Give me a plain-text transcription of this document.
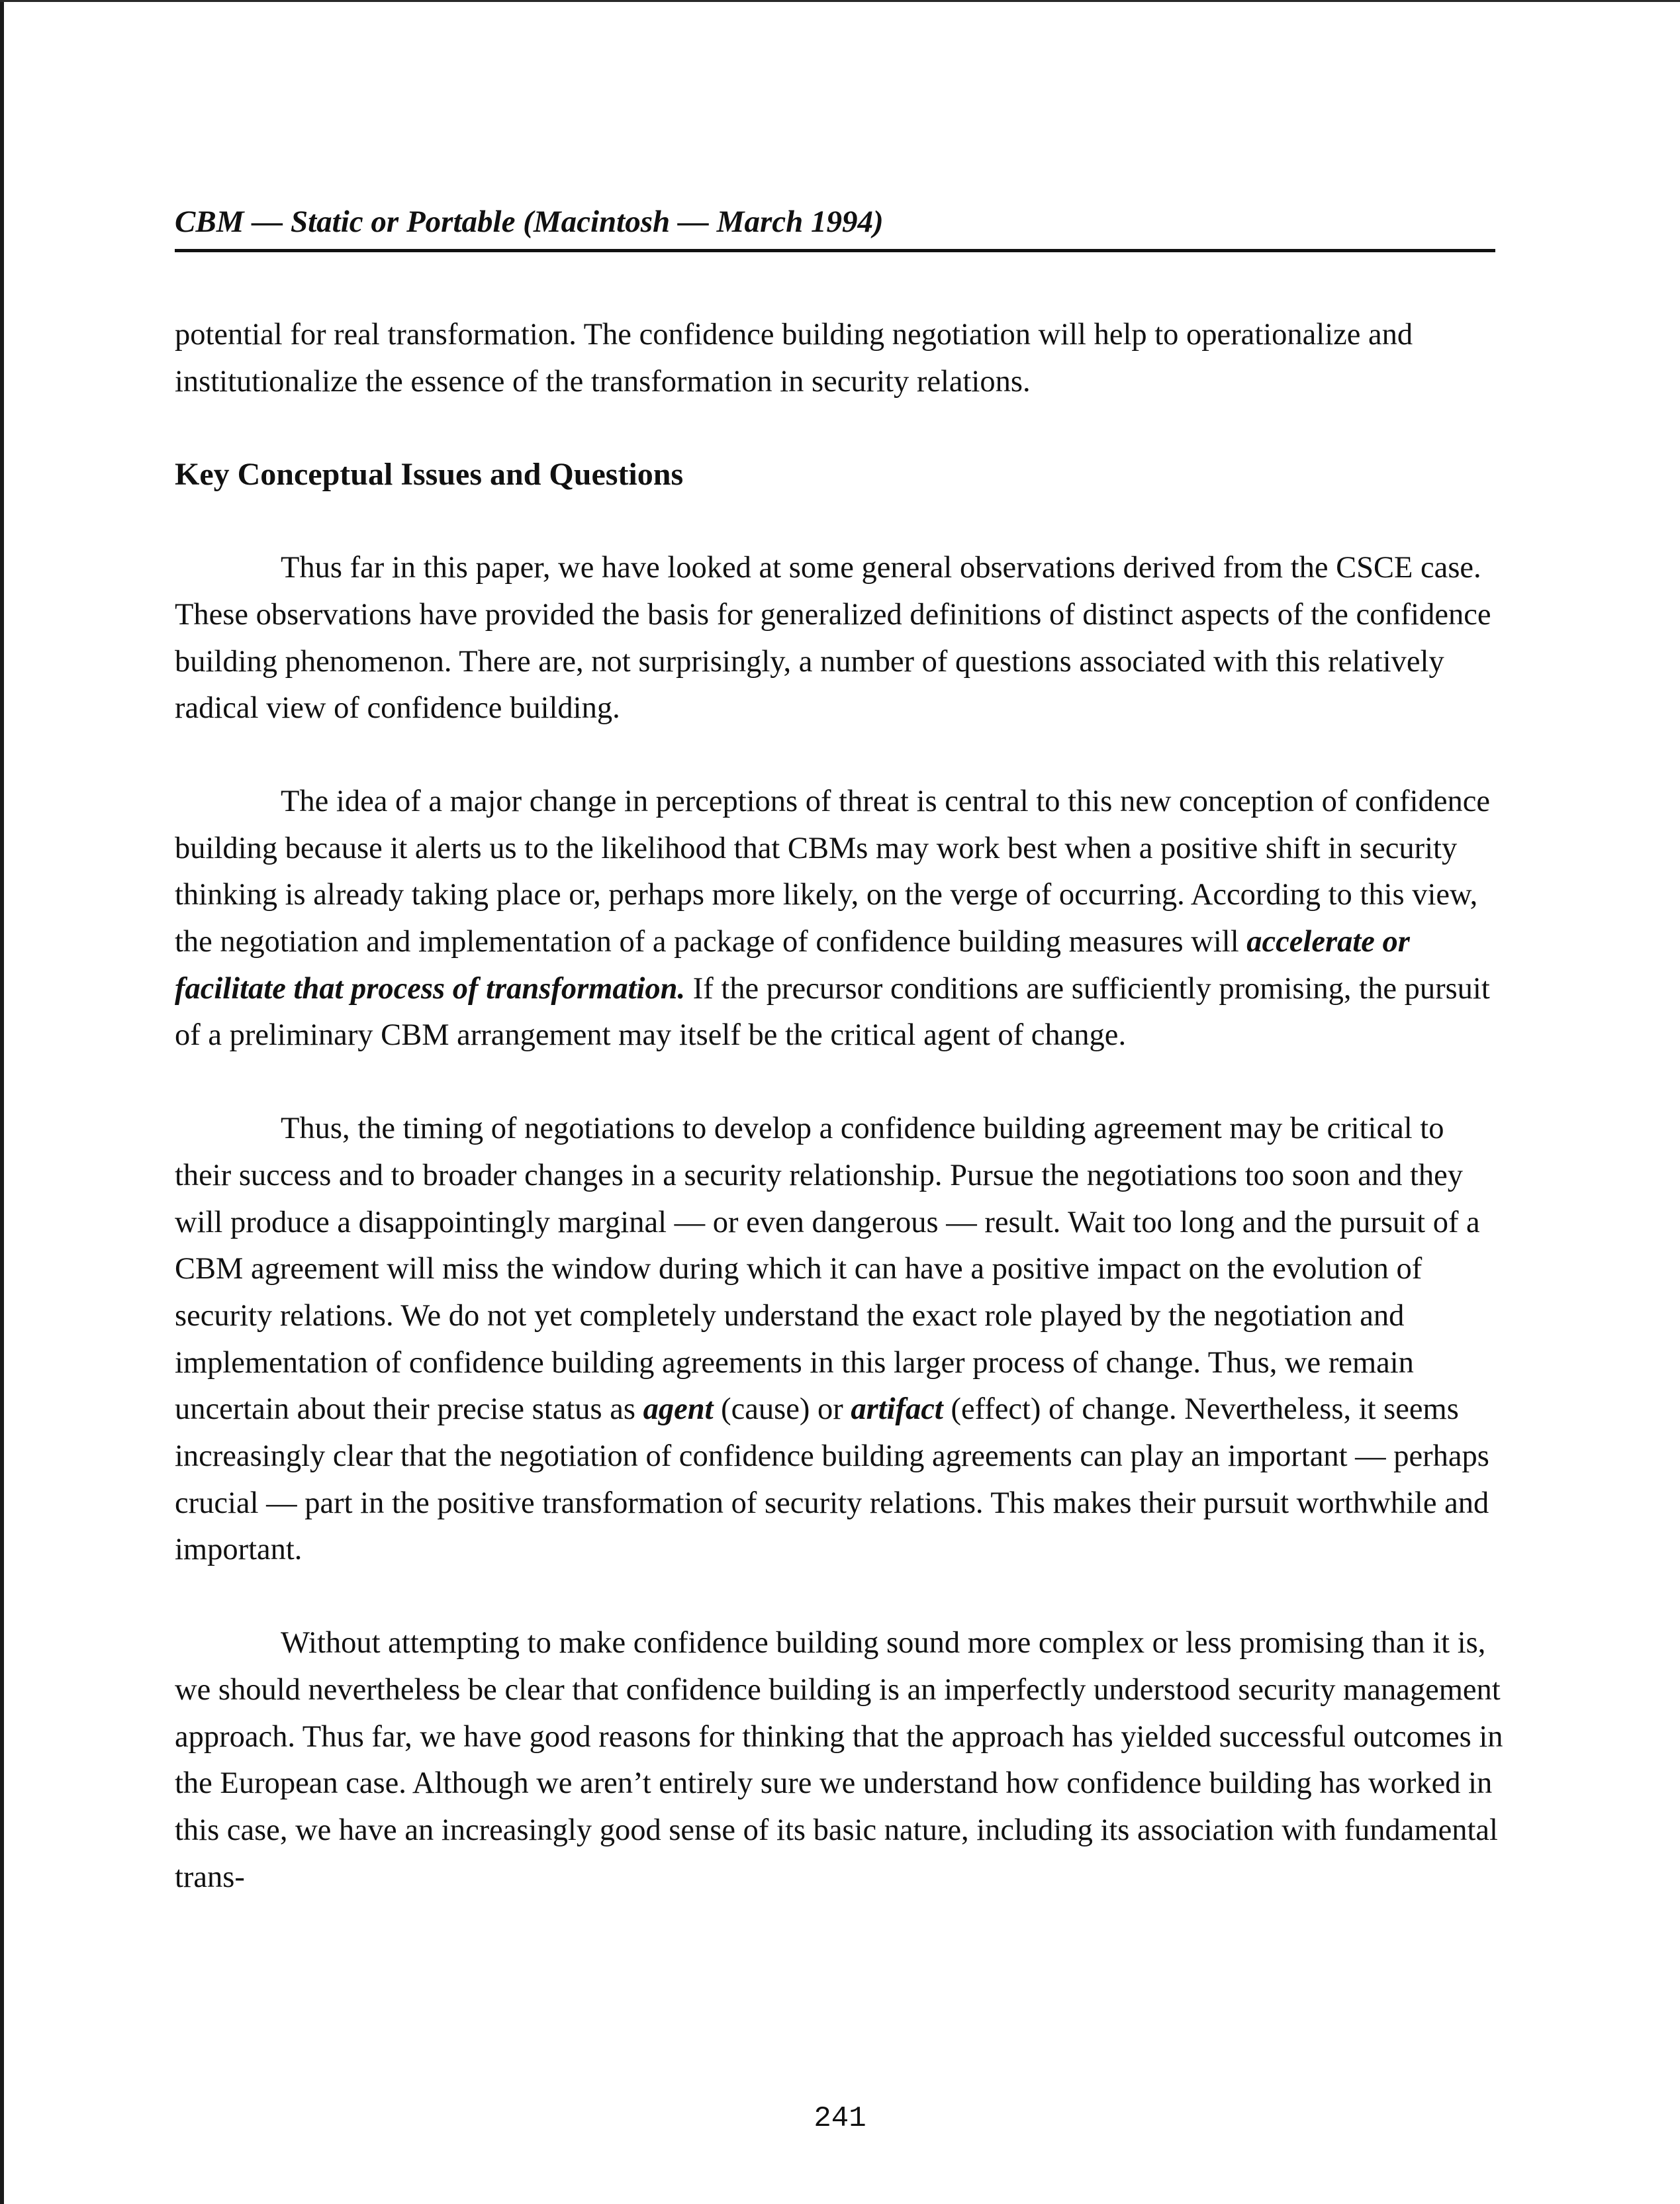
CBM — Static or Portable (Macintosh — March 1994)

potential for real transformation. The confidence building negotiation will help to operationalize and institutionalize the essence of the transformation in security relations.

Key Conceptual Issues and Questions

Thus far in this paper, we have looked at some general observations derived from the CSCE case. These observations have provided the basis for generalized definitions of distinct aspects of the confidence building phenomenon. There are, not surprisingly, a number of questions associated with this relatively radical view of confidence building.

The idea of a major change in perceptions of threat is central to this new conception of confidence building because it alerts us to the likelihood that CBMs may work best when a positive shift in security thinking is already taking place or, perhaps more likely, on the verge of occurring. According to this view, the negotiation and implementation of a package of confidence building measures will accelerate or facilitate that process of transformation. If the precursor conditions are sufficiently promising, the pursuit of a preliminary CBM arrangement may itself be the critical agent of change.

Thus, the timing of negotiations to develop a confidence building agreement may be critical to their success and to broader changes in a security relationship. Pursue the negotiations too soon and they will produce a disappointingly marginal — or even dangerous — result. Wait too long and the pursuit of a CBM agreement will miss the window during which it can have a positive impact on the evolution of security relations. We do not yet completely understand the exact role played by the negotiation and implementation of confidence building agreements in this larger process of change. Thus, we remain uncertain about their precise status as agent (cause) or artifact (effect) of change. Nevertheless, it seems increasingly clear that the negotiation of confidence building agreements can play an important — perhaps crucial — part in the positive transformation of security relations. This makes their pursuit worthwhile and important.

Without attempting to make confidence building sound more complex or less promising than it is, we should nevertheless be clear that confidence building is an imperfectly understood security management approach. Thus far, we have good reasons for thinking that the approach has yielded successful outcomes in the European case. Although we aren’t entirely sure we understand how confidence building has worked in this case, we have an increasingly good sense of its basic nature, including its association with fundamental trans-

241
